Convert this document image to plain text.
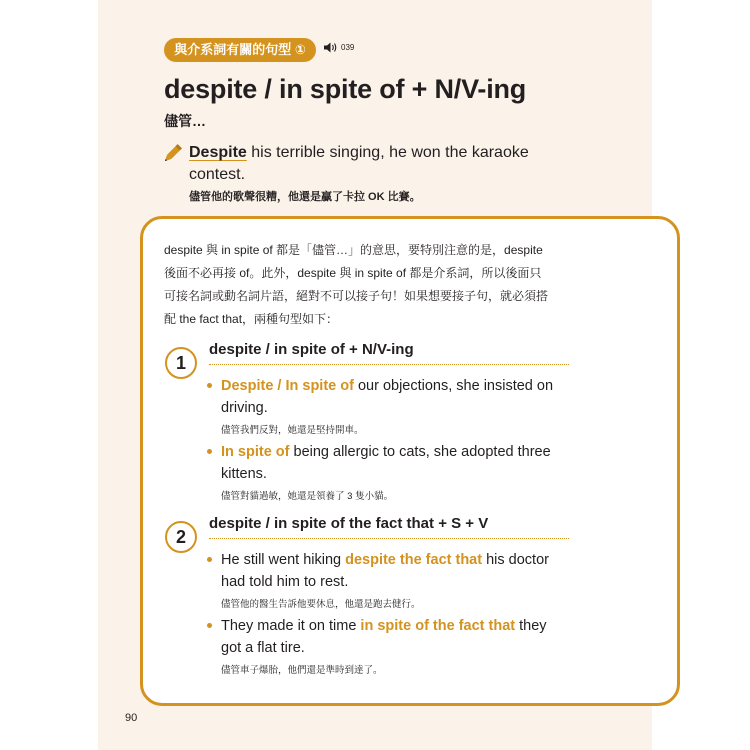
與介系詞有關的句型 ①	039
despite / in spite of + N/V-ing
儘管…
Despite his terrible singing, he won the karaoke contest.
儘管他的歌聲很糟，他還是贏了卡拉 OK 比賽。

despite 與 in spite of 都是「儘管…」的意思，要特別注意的是，despite 後面不必再接 of。此外，despite 與 in spite of 都是介系詞，所以後面只可接名詞或動名詞片語，絕對不可以接子句！如果想要接子句，就必須搭配 the fact that，兩種句型如下：

1
despite / in spite of + N/V-ing
Despite / In spite of our objections, she insisted on driving.
儘管我們反對，她還是堅持開車。
In spite of being allergic to cats, she adopted three kittens.
儘管對貓過敏，她還是領養了 3 隻小貓。
2
despite / in spite of the fact that + S + V
He still went hiking despite the fact that his doctor had told him to rest.
儘管他的醫生告訴他要休息，他還是跑去健行。
They made it on time in spite of the fact that they got a flat tire.
儘管車子爆胎，他們還是準時到達了。
90
